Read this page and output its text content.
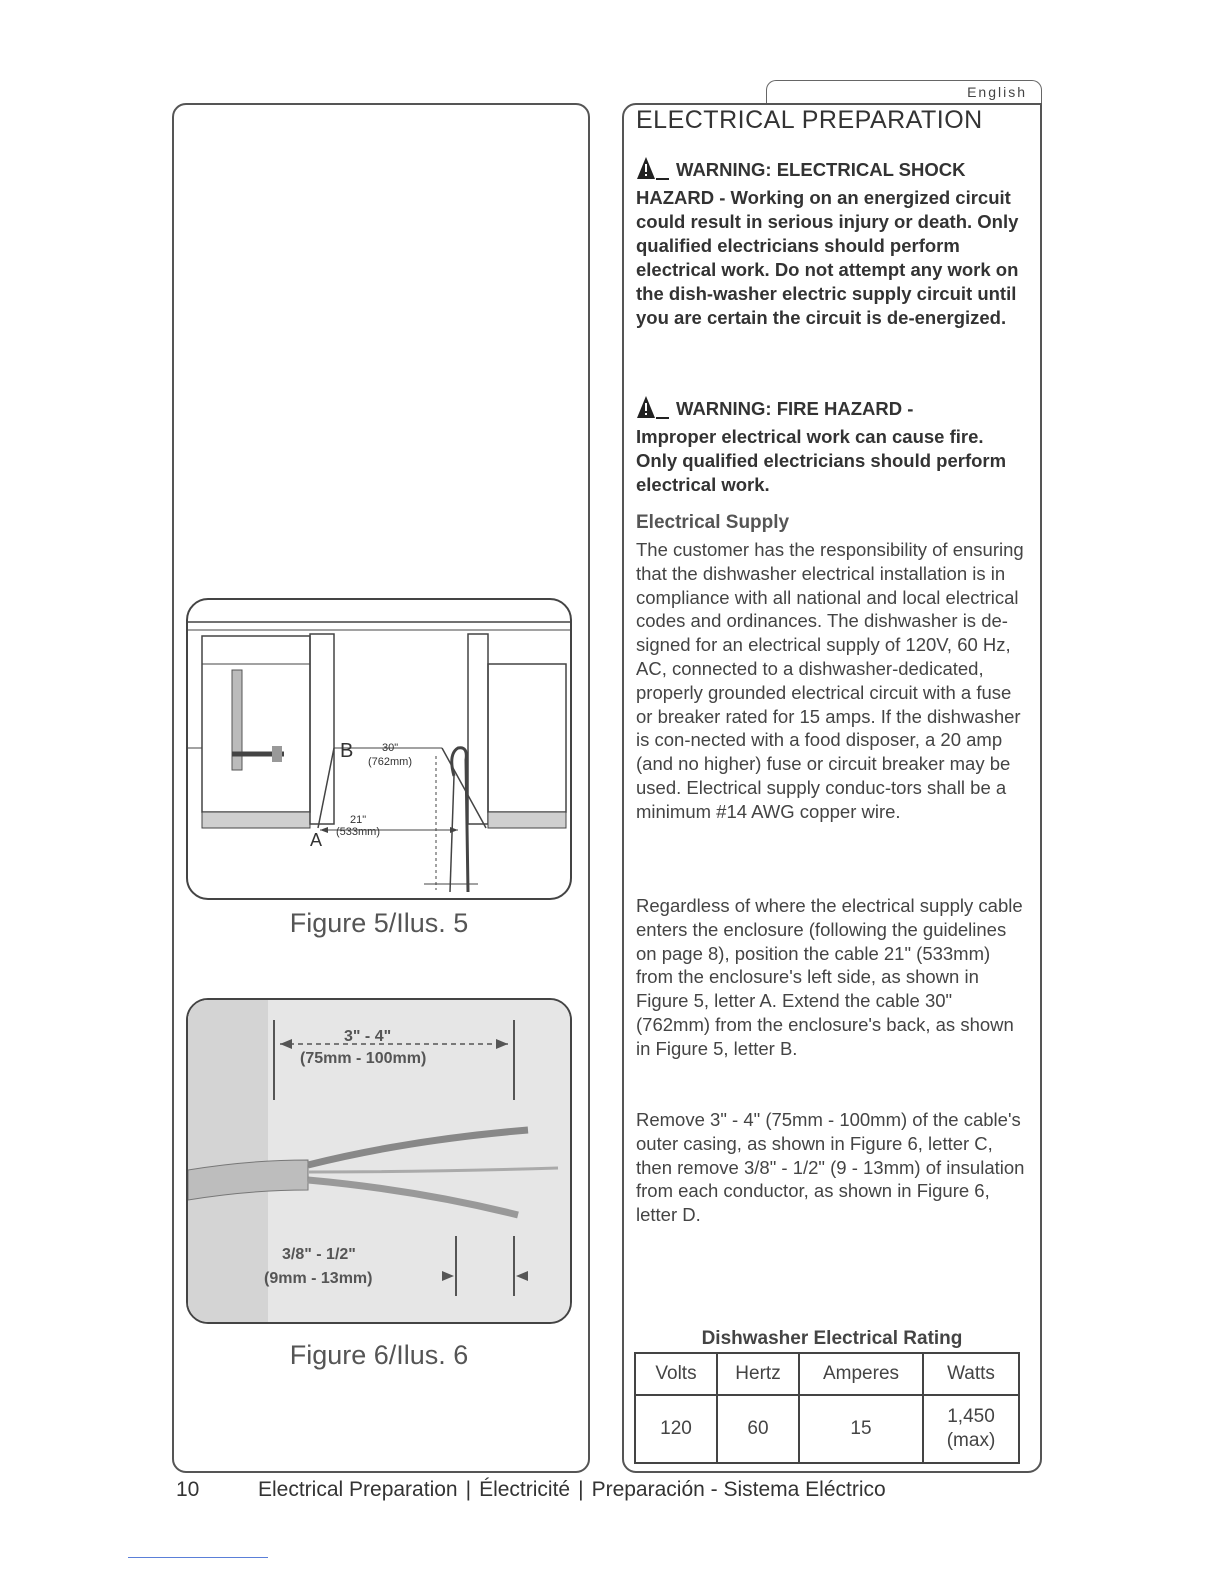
English
B	30"
(762mm)
21"
(533mm)
A
Figure 5/Ilus. 5
3" - 4"
(75mm - 100mm)
3/8" - 1/2"
(9mm - 13mm)
Figure 6/Ilus. 6
ELECTRICAL PREPARATION
WARNING: ELECTRICAL SHOCK
HAZARD - Working on an energized circuit could result in serious injury or death. Only qualified electricians should perform electrical work. Do not attempt any work on the dish-washer electric supply circuit until you are certain the circuit is de-energized.
WARNING: FIRE HAZARD -
Improper electrical work can cause fire. Only qualified electricians should perform electrical work.
Electrical Supply
The customer has the responsibility of ensuring that the dishwasher electrical installation is in compliance with all national and local electrical codes and ordinances. The dishwasher is de-signed for an electrical supply of 120V, 60 Hz, AC, connected to a dishwasher-dedicated, properly grounded electrical circuit with a fuse or breaker rated for 15 amps. If the dishwasher is con-nected with a food disposer, a 20 amp (and no higher) fuse or circuit breaker may be used. Electrical supply conduc-tors shall be a minimum #14 AWG copper wire.
Regardless of where the electrical supply cable enters the enclosure (following the guidelines on page 8), position the cable 21" (533mm) from the enclosure's left side, as shown in Figure 5, letter A. Extend the cable 30" (762mm) from the enclosure's back, as shown in Figure 5, letter B.
Remove 3" - 4" (75mm - 100mm) of the cable's outer casing, as shown in Figure 6, letter C, then remove 3/8" - 1/2" (9 - 13mm) of insulation from each conductor, as shown in Figure 6, letter D.
Dishwasher Electrical Rating
Volts	Hertz	Amperes	Watts
120	60	15	1,450
(max)
10	Electrical Preparation | Électricité | Preparación - Sistema Eléctrico
